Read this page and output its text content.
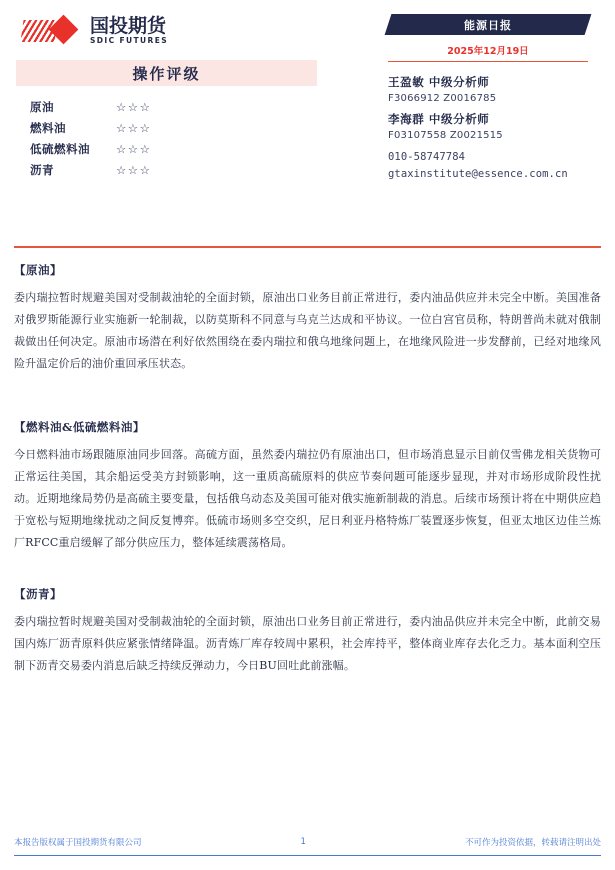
国投期货
SDIC FUTURES
操作评级
原油	☆☆☆
燃料油	☆☆☆
低硫燃料油	☆☆☆
沥青	☆☆☆
能源日报
2025年12月19日
王盈敏 中级分析师
F3066912 Z0016785
李海群 中级分析师
F03107558 Z0021515
010-58747784
gtaxinstitute@essence.com.cn
【原油】
委内瑞拉暂时规避美国对受制裁油轮的全面封锁，原油出口业务目前正常进行，委内油品供应并未完全中断。美国准备对俄罗斯能源行业实施新一轮制裁，以防莫斯科不同意与乌克兰达成和平协议。一位白宫官员称，特朗普尚未就对俄制裁做出任何决定。原油市场潜在利好依然围绕在委内瑞拉和俄乌地缘问题上，在地缘风险进一步发酵前，已经对地缘风险升温定价后的油价重回承压状态。
【燃料油&低硫燃料油】
今日燃料油市场跟随原油同步回落。高硫方面，虽然委内瑞拉仍有原油出口，但市场消息显示目前仅雪佛龙相关货物可正常运往美国，其余船运受美方封锁影响，这一重质高硫原料的供应节奏问题可能逐步显现，并对市场形成阶段性扰动。近期地缘局势仍是高硫主要变量，包括俄乌动态及美国可能对俄实施新制裁的消息。后续市场预计将在中期供应趋于宽松与短期地缘扰动之间反复博弈。低硫市场则多空交织，尼日利亚丹格特炼厂装置逐步恢复，但亚太地区边佳兰炼厂RFCC重启缓解了部分供应压力，整体延续震荡格局。
【沥青】
委内瑞拉暂时规避美国对受制裁油轮的全面封锁，原油出口业务目前正常进行，委内油品供应并未完全中断，此前交易国内炼厂沥青原料供应紧张情绪降温。沥青炼厂库存较周中累积，社会库持平，整体商业库存去化乏力。基本面利空压制下沥青交易委内消息后缺乏持续反弹动力，今日BU回吐此前涨幅。
本报告版权属于国投期货有限公司	1	不可作为投资依据，转载请注明出处
